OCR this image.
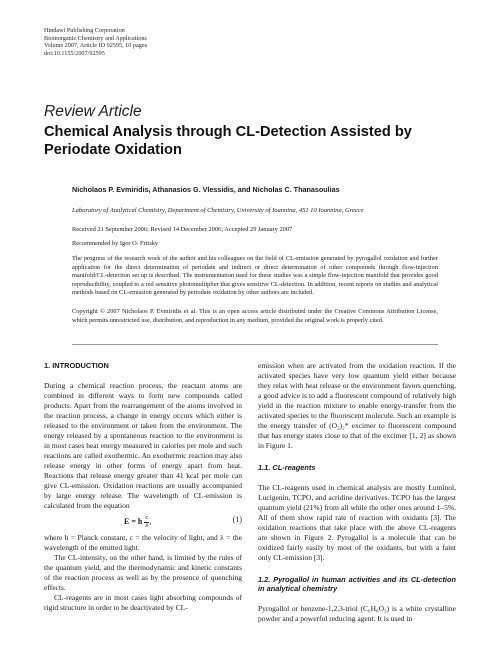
Hindawi Publishing Corporation
Bioinorganic Chemistry and Applications
Volume 2007, Article ID 92595, 10 pages
doi:10.1155/2007/92595
Review Article
Chemical Analysis through CL-Detection Assisted by Periodate Oxidation
Nicholaos P. Evmiridis, Athanasios G. Vlessidis, and Nicholas C. Thanasoulias
Laboratory of Analytical Chemistry, Department of Chemistry, University of Ioannina, 451 10 Ioannina, Greece
Received 21 September 2006; Revised 14 December 2006; Accepted 29 January 2007
Recommended by Igor O. Fritsky
The progress of the research work of the author and his colleagues on the field of CL-emission generated by pyrogallol oxidation and further application for the direct determination of periodate and indirect or direct determination of other compounds through flow-injection manifold/CL-detection set up is described. The instrumentation used for these studies was a simple flow-injection manifold that provides good reproducibility, coupled to a red sensitive photomultiplier that gives sensitive CL-detection. In addition, recent reports on studies and analytical methods based on CL-emission generated by periodate oxidation by other authors are included.
Copyright © 2007 Nicholaos P. Evmiridis et al. This is an open access article distributed under the Creative Commons Attribution License, which permits unrestricted use, distribution, and reproduction in any medium, provided the original work is properly cited.
1. INTRODUCTION

During a chemical reaction process, the reactant atoms are combined in different ways to form new compounds called products. Apart from the rearrangement of the atoms involved in the reaction process, a change in energy occurs which either is released to the environment or taken from the environment. The energy released by a spontaneous reaction to the environment is in most cases heat energy measured in calories per mole and such reactions are called exothermic. An exothermic reaction may also release energy in other forms of energy apart from heat. Reactions that release energy greater than 41 kcal per mole can give CL-emission. Oxidation reactions are usually accompanied by large energy release. The wavelength of CL-emission is calculated from the equation

E = h $\frac{c}{\lambda}$ ,	(1)

where h = Planck constant, c = the velocity of light, and λ = the wavelength of the emitted light.

The CL-intensity, on the other hand, is limited by the rules of the quantum yield, and the thermodynamic and kinetic constants of the reaction process as well as by the presence of quenching effects.

CL-reagents are in most cases light absorbing compounds of rigid structure in order to be deactivated by CL-

emission when are activated from the oxidation reaction. If the activated species have very low quantum yield either because they relax with heat release or the environment favors quenching, a good advice is to add a fluorescent compound of relatively high yield in the reaction mixture to enable energy-transfer from the activated species to the fluorescent molecule. Such an example is the energy transfer of (O₂)₂* excimer to fluorescent compound that has energy states close to that of the excimer [1, 2] as shown in Figure 1.

1.1. CL-reagents

The CL-reagents used in chemical analysis are mostly Luminol, Lucigenin, TCPO, and acridine derivatives. TCPO has the largest quantum yield (21%) from all while the other ones around 1–5%. All of them show rapid rate of reaction with oxidants [3]. The oxidation reactions that take place with the above CL-reagents are shown in Figure 2. Pyrogallol is a molecule that can be oxidized fairly easily by most of the oxidants, but with a faint only CL-emission [3].

1.2. Pyrogallol in human activities and its CL-detection in analytical chemistry

Pyrogallol or benzene-1,2,3-triol (C₆H₆O₃) is a white crystalline powder and a powerful reducing agent. It is used in
